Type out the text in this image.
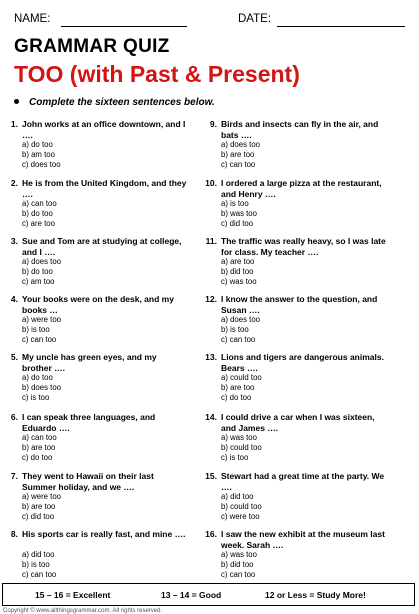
NAME:	DATE:
GRAMMAR QUIZ
TOO (with Past & Present)
Complete the sixteen sentences below.
1. John works at an office downtown, and I ….
a) do too
b) am too
c) does too
2. He is from the United Kingdom, and they ….
a) can too
b) do too
c) are too
3. Sue and Tom are at studying at college, and I ….
a) does too
b) do too
c) am too
4. Your books were on the desk, and my books …
a) were too
b) is too
c) can too
5. My uncle has green eyes, and my brother ….
a) do too
b) does too
c) is too
6. I can speak three languages, and Eduardo ….
a) can too
b) are too
c) do too
7. They went to Hawaii on their last Summer holiday, and we ….
a) were too
b) are too
c) did too
8. His sports car is really fast, and mine ….
a) did too
b) is too
c) can too
9. Birds and insects can fly in the air, and bats ….
a) does too
b) are too
c) can too
10. I ordered a large pizza at the restaurant, and Henry ….
a) is too
b) was too
c) did too
11. The traffic was really heavy, so I was late for class. My teacher ….
a) are too
b) did too
c) was too
12. I know the answer to the question, and Susan ….
a) does too
b) is too
c) can too
13. Lions and tigers are dangerous animals. Bears ….
a) could too
b) are too
c) do too
14. I could drive a car when I was sixteen, and James ….
a) was too
b) could too
c) is too
15. Stewart had a great time at the party. We ….
a) did too
b) could too
c) were too
16. I saw the new exhibit at the museum last week. Sarah ….
a) was too
b) did too
c) can too
15 – 16 = Excellent	13 – 14 = Good	12 or Less = Study More!
Copyright © www.allthingsgrammar.com. All rights reserved.
